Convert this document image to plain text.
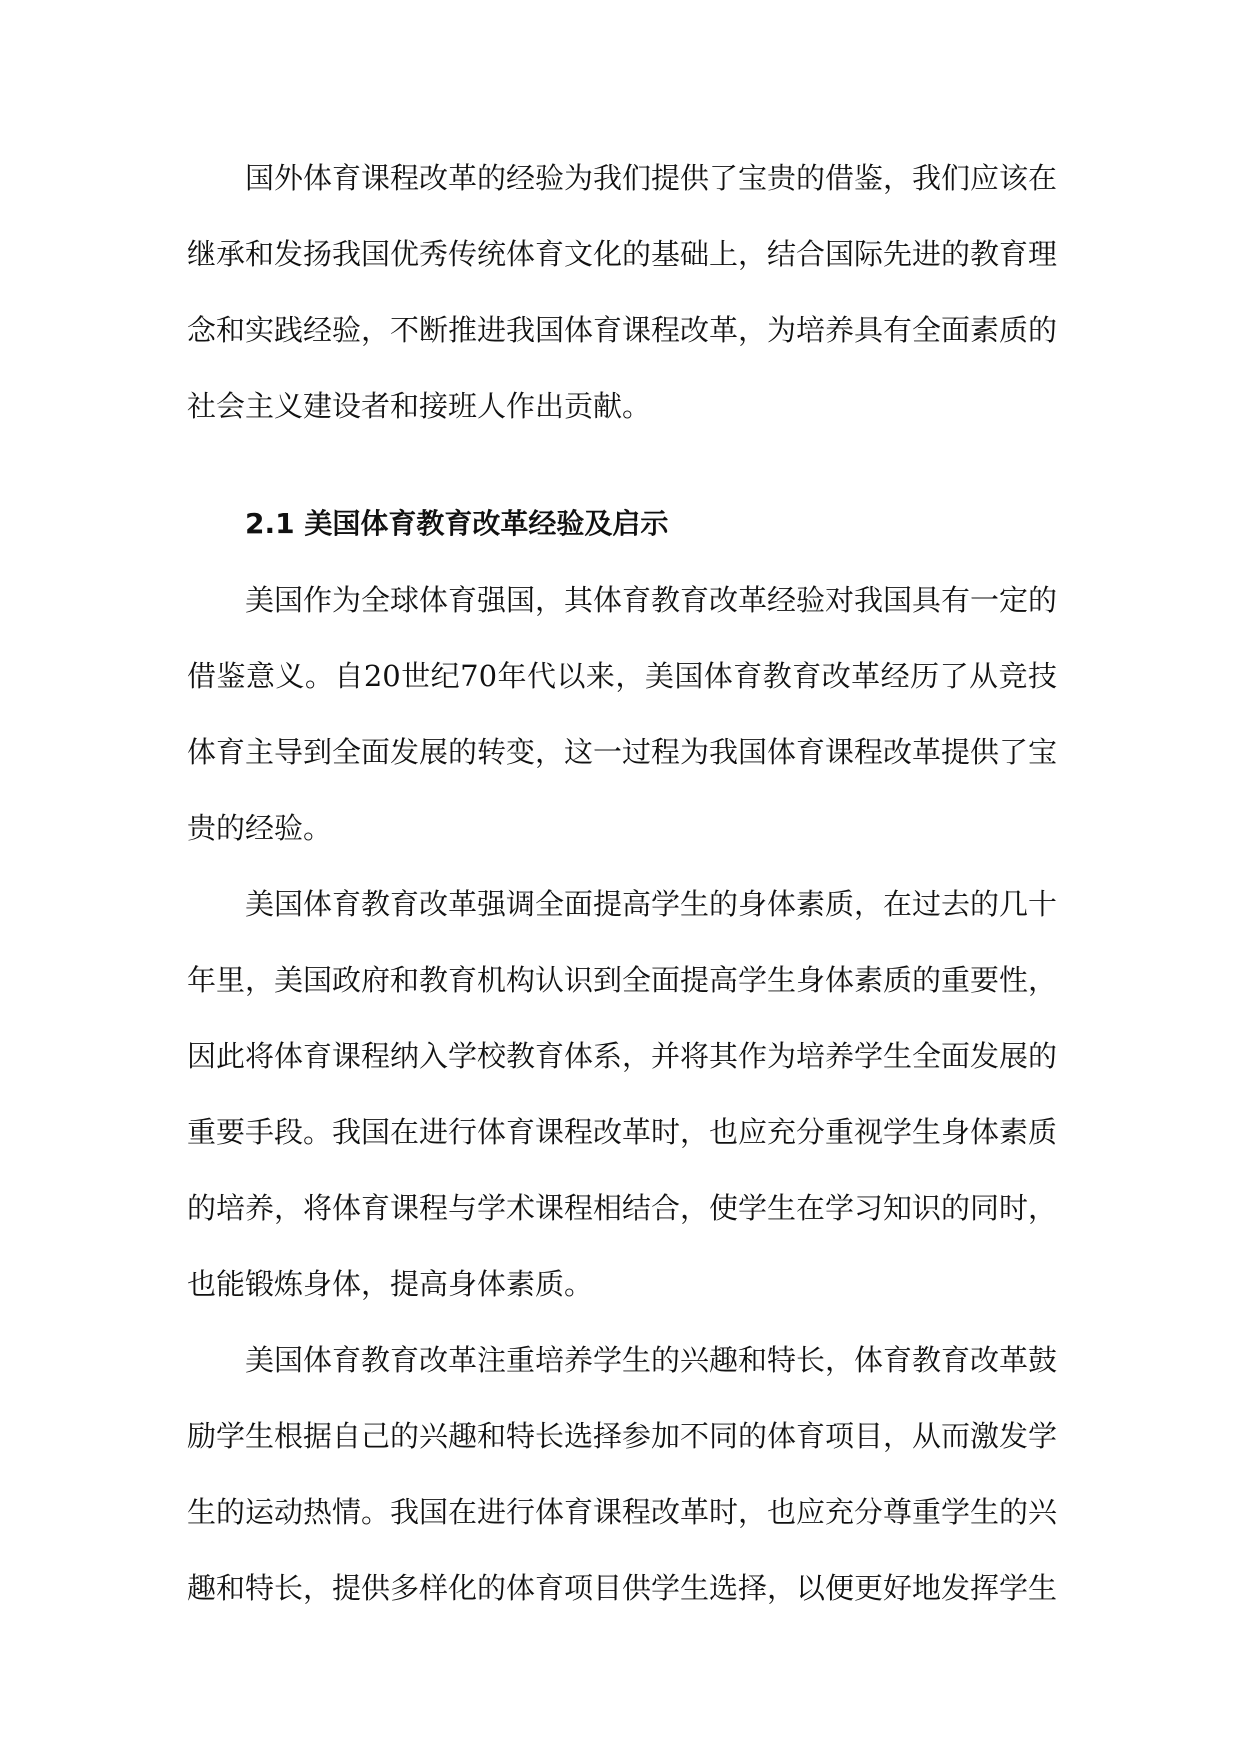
国外体育课程改革的经验为我们提供了宝贵的借鉴，我们应该在继承和发扬我国优秀传统体育文化的基础上，结合国际先进的教育理念和实践经验，不断推进我国体育课程改革，为培养具有全面素质的社会主义建设者和接班人作出贡献。

2.1 美国体育教育改革经验及启示

美国作为全球体育强国，其体育教育改革经验对我国具有一定的借鉴意义。自20世纪70年代以来，美国体育教育改革经历了从竞技体育主导到全面发展的转变，这一过程为我国体育课程改革提供了宝贵的经验。

美国体育教育改革强调全面提高学生的身体素质，在过去的几十年里，美国政府和教育机构认识到全面提高学生身体素质的重要性，因此将体育课程纳入学校教育体系，并将其作为培养学生全面发展的重要手段。我国在进行体育课程改革时，也应充分重视学生身体素质的培养，将体育课程与学术课程相结合，使学生在学习知识的同时，也能锻炼身体，提高身体素质。

美国体育教育改革注重培养学生的兴趣和特长，体育教育改革鼓励学生根据自己的兴趣和特长选择参加不同的体育项目，从而激发学生的运动热情。我国在进行体育课程改革时，也应充分尊重学生的兴趣和特长，提供多样化的体育项目供学生选择，以便更好地发挥学生
